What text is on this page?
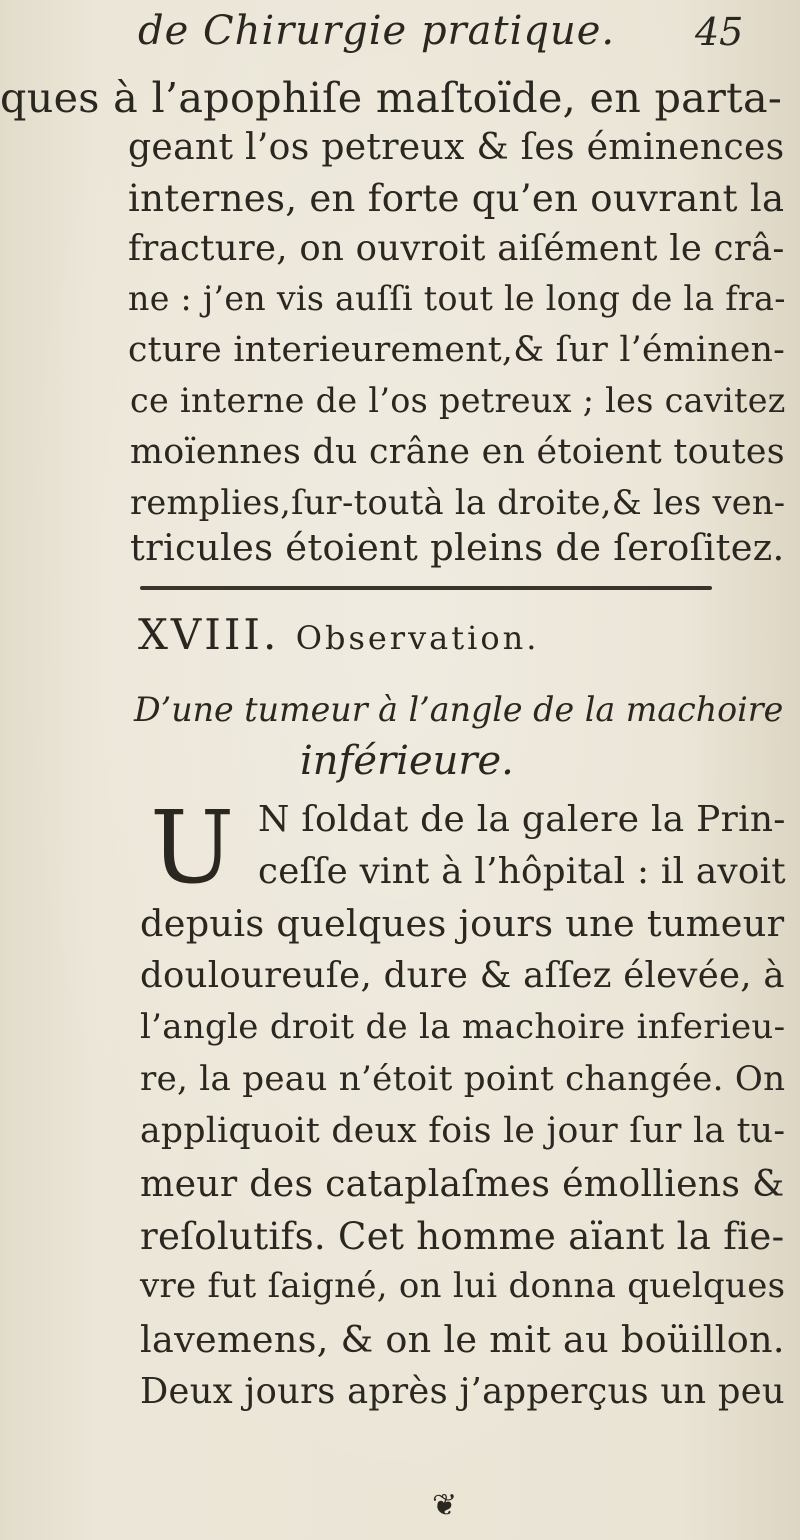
de Chirurgie pratique. 45
ques à l’apophiſe maſtoïde, en parta-
geant l’os petreux & ſes éminences
internes, en forte qu’en ouvrant la
fracture, on ouvroit aiſément le crâ-
ne : j’en vis auſſi tout le long de la fra-
cture interieurement,& ſur l’éminen-
ce interne de l’os petreux ; les cavitez
moïennes du crâne en étoient toutes
remplies,ſur-toutà la droite,& les ven-
tricules étoient pleins de ſeroſitez.
XVIII. Observation.
D’une tumeur à l’angle de la machoire
inférieure.
U N ſoldat de la galere la Prin-
ceſſe vint à l’hôpital : il avoit
depuis quelques jours une tumeur
douloureuſe, dure & aſſez élevée, à
l’angle droit de la machoire inferieu-
re, la peau n’étoit point changée. On
appliquoit deux fois le jour ſur la tu-
meur des cataplaſmes émolliens &
reſolutifs. Cet homme aïant la fie-
vre fut ſaigné, on lui donna quelques
lavemens, & on le mit au boüillon.
Deux jours après j’apperçus un peu
❦
